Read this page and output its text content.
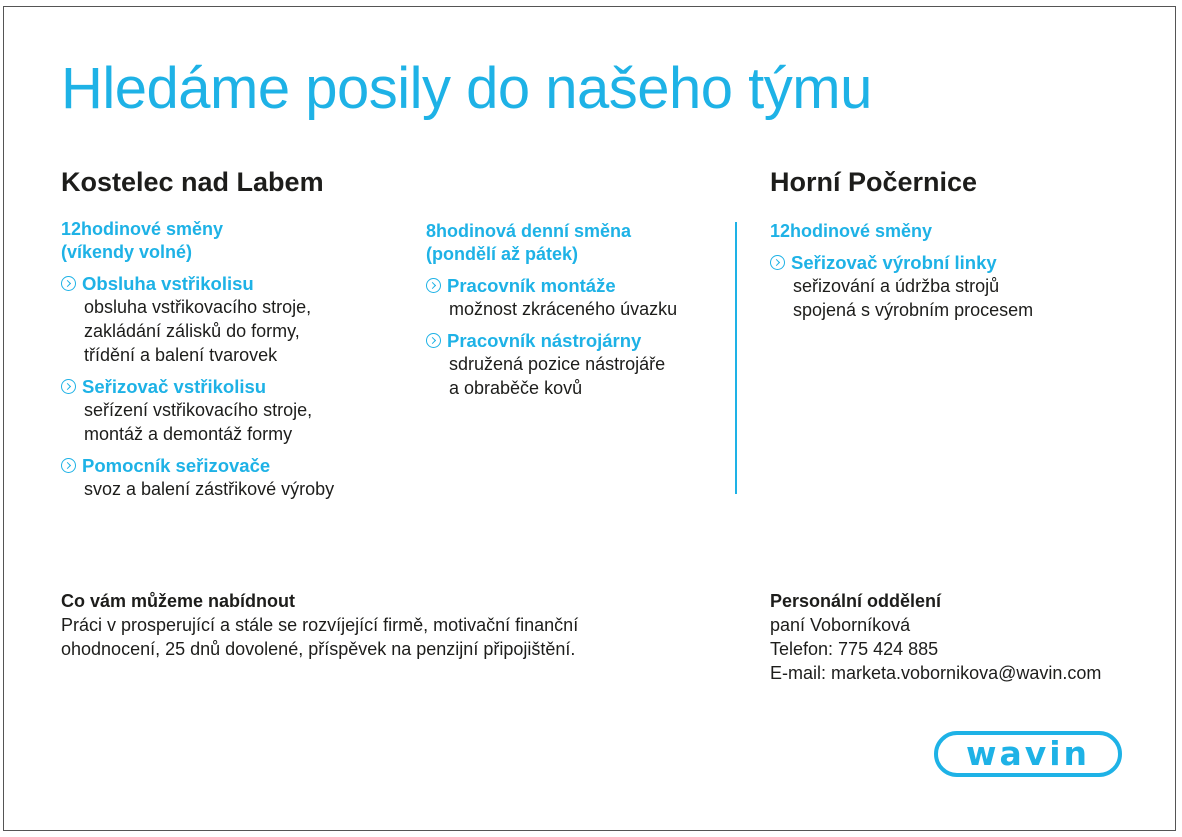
Hledáme posily do našeho týmu
Kostelec nad Labem	Horní Počernice

12hodinové směny
(víkendy volné)

Obsluha vstřikolisu
obsluha vstřikovacího stroje,
zakládání zálisků do formy,
třídění a balení tvarovek
Seřizovač vstřikolisu
seřízení vstřikovacího stroje,
montáž a demontáž formy
Pomocník seřizovače
svoz a balení zástřikové výroby

8hodinová denní směna
(pondělí až pátek)

Pracovník montáže
možnost zkráceného úvazku
Pracovník nástrojárny
sdružená pozice nástrojáře
a obraběče kovů

12hodinové směny

Seřizovač výrobní linky
seřizování a údržba strojů
spojená s výrobním procesem
Co vám můžeme nabídnout
Práci v prosperující a stále se rozvíjející firmě, motivační finanční
ohodnocení, 25 dnů dovolené, příspěvek na penzijní připojištění.
Personální oddělení
paní Voborníková
Telefon: 775 424 885
E-mail: marketa.vobornikova@wavin.com
wavin
